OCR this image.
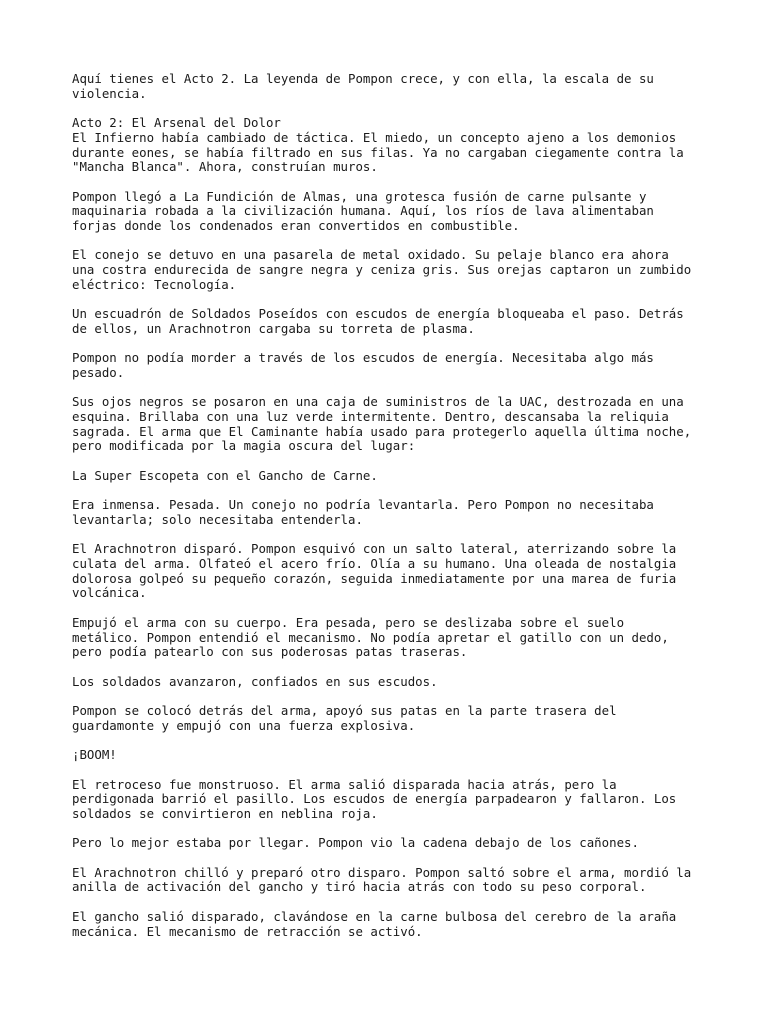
Aquí tienes el Acto 2. La leyenda de Pompon crece, y con ella, la escala de su
violencia.

Acto 2: El Arsenal del Dolor
El Infierno había cambiado de táctica. El miedo, un concepto ajeno a los demonios
durante eones, se había filtrado en sus filas. Ya no cargaban ciegamente contra la
"Mancha Blanca". Ahora, construían muros.

Pompon llegó a La Fundición de Almas, una grotesca fusión de carne pulsante y
maquinaria robada a la civilización humana. Aquí, los ríos de lava alimentaban
forjas donde los condenados eran convertidos en combustible.

El conejo se detuvo en una pasarela de metal oxidado. Su pelaje blanco era ahora
una costra endurecida de sangre negra y ceniza gris. Sus orejas captaron un zumbido
eléctrico: Tecnología.

Un escuadrón de Soldados Poseídos con escudos de energía bloqueaba el paso. Detrás
de ellos, un Arachnotron cargaba su torreta de plasma.

Pompon no podía morder a través de los escudos de energía. Necesitaba algo más
pesado.

Sus ojos negros se posaron en una caja de suministros de la UAC, destrozada en una
esquina. Brillaba con una luz verde intermitente. Dentro, descansaba la reliquia
sagrada. El arma que El Caminante había usado para protegerlo aquella última noche,
pero modificada por la magia oscura del lugar:

La Super Escopeta con el Gancho de Carne.

Era inmensa. Pesada. Un conejo no podría levantarla. Pero Pompon no necesitaba
levantarla; solo necesitaba entenderla.

El Arachnotron disparó. Pompon esquivó con un salto lateral, aterrizando sobre la
culata del arma. Olfateó el acero frío. Olía a su humano. Una oleada de nostalgia
dolorosa golpeó su pequeño corazón, seguida inmediatamente por una marea de furia
volcánica.

Empujó el arma con su cuerpo. Era pesada, pero se deslizaba sobre el suelo
metálico. Pompon entendió el mecanismo. No podía apretar el gatillo con un dedo,
pero podía patearlo con sus poderosas patas traseras.

Los soldados avanzaron, confiados en sus escudos.

Pompon se colocó detrás del arma, apoyó sus patas en la parte trasera del
guardamonte y empujó con una fuerza explosiva.

¡BOOM!

El retroceso fue monstruoso. El arma salió disparada hacia atrás, pero la
perdigonada barrió el pasillo. Los escudos de energía parpadearon y fallaron. Los
soldados se convirtieron en neblina roja.

Pero lo mejor estaba por llegar. Pompon vio la cadena debajo de los cañones.

El Arachnotron chilló y preparó otro disparo. Pompon saltó sobre el arma, mordió la
anilla de activación del gancho y tiró hacia atrás con todo su peso corporal.

El gancho salió disparado, clavándose en la carne bulbosa del cerebro de la araña
mecánica. El mecanismo de retracción se activó.
